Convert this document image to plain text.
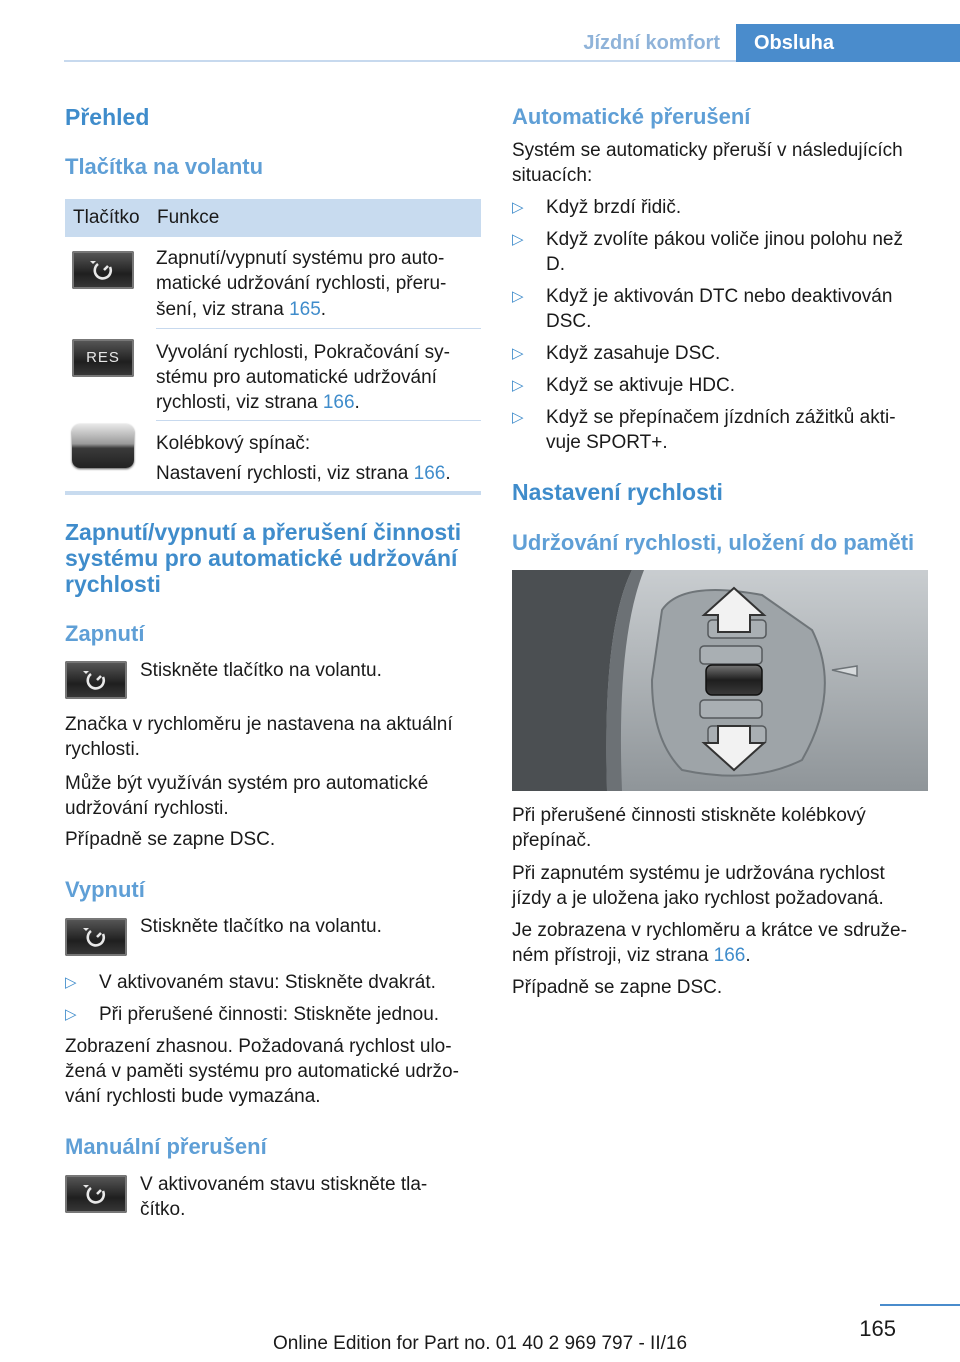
Jízdní komfort	Obsluha
Přehled
Tlačítka na volantu
Tlačítko Funkce
Zapnutí/vypnutí systému pro auto-
matické udržování rychlosti, přeru-
šení, viz strana 165.
RES	Vyvolání rychlosti, Pokračování sy-
stému pro automatické udržování
rychlosti, viz strana 166.
Kolébkový spínač:
Nastavení rychlosti, viz strana 166.
Zapnutí/vypnutí a přerušení činnosti
systému pro automatické udržování
rychlosti
Zapnutí
Stiskněte tlačítko na volantu.
Značka v rychloměru je nastavena na aktuální
rychlosti.
Může být využíván systém pro automatické
udržování rychlosti.
Případně se zapne DSC.
Vypnutí
Stiskněte tlačítko na volantu.
▷ V aktivovaném stavu: Stiskněte dvakrát.
▷ Při přerušené činnosti: Stiskněte jednou.
Zobrazení zhasnou. Požadovaná rychlost ulo-
žená v paměti systému pro automatické udržo-
vání rychlosti bude vymazána.
Manuální přerušení
V aktivovaném stavu stiskněte tla-
čítko.
Automatické přerušení
Systém se automaticky přeruší v následujících
situacích:
▷ Když brzdí řidič.
▷ Když zvolíte pákou voliče jinou polohu než
D.
▷ Když je aktivován DTC nebo deaktivován
DSC.
▷ Když zasahuje DSC.
▷ Když se aktivuje HDC.
▷ Když se přepínačem jízdních zážitků akti-
vuje SPORT+.
Nastavení rychlosti
Udržování rychlosti, uložení do paměti
Při přerušené činnosti stiskněte kolébkový
přepínač.
Při zapnutém systému je udržována rychlost
jízdy a je uložena jako rychlost požadovaná.
Je zobrazena v rychloměru a krátce ve sdruže-
ném přístroji, viz strana 166.
Případně se zapne DSC.
165
Online Edition for Part no. 01 40 2 969 797 - II/16
